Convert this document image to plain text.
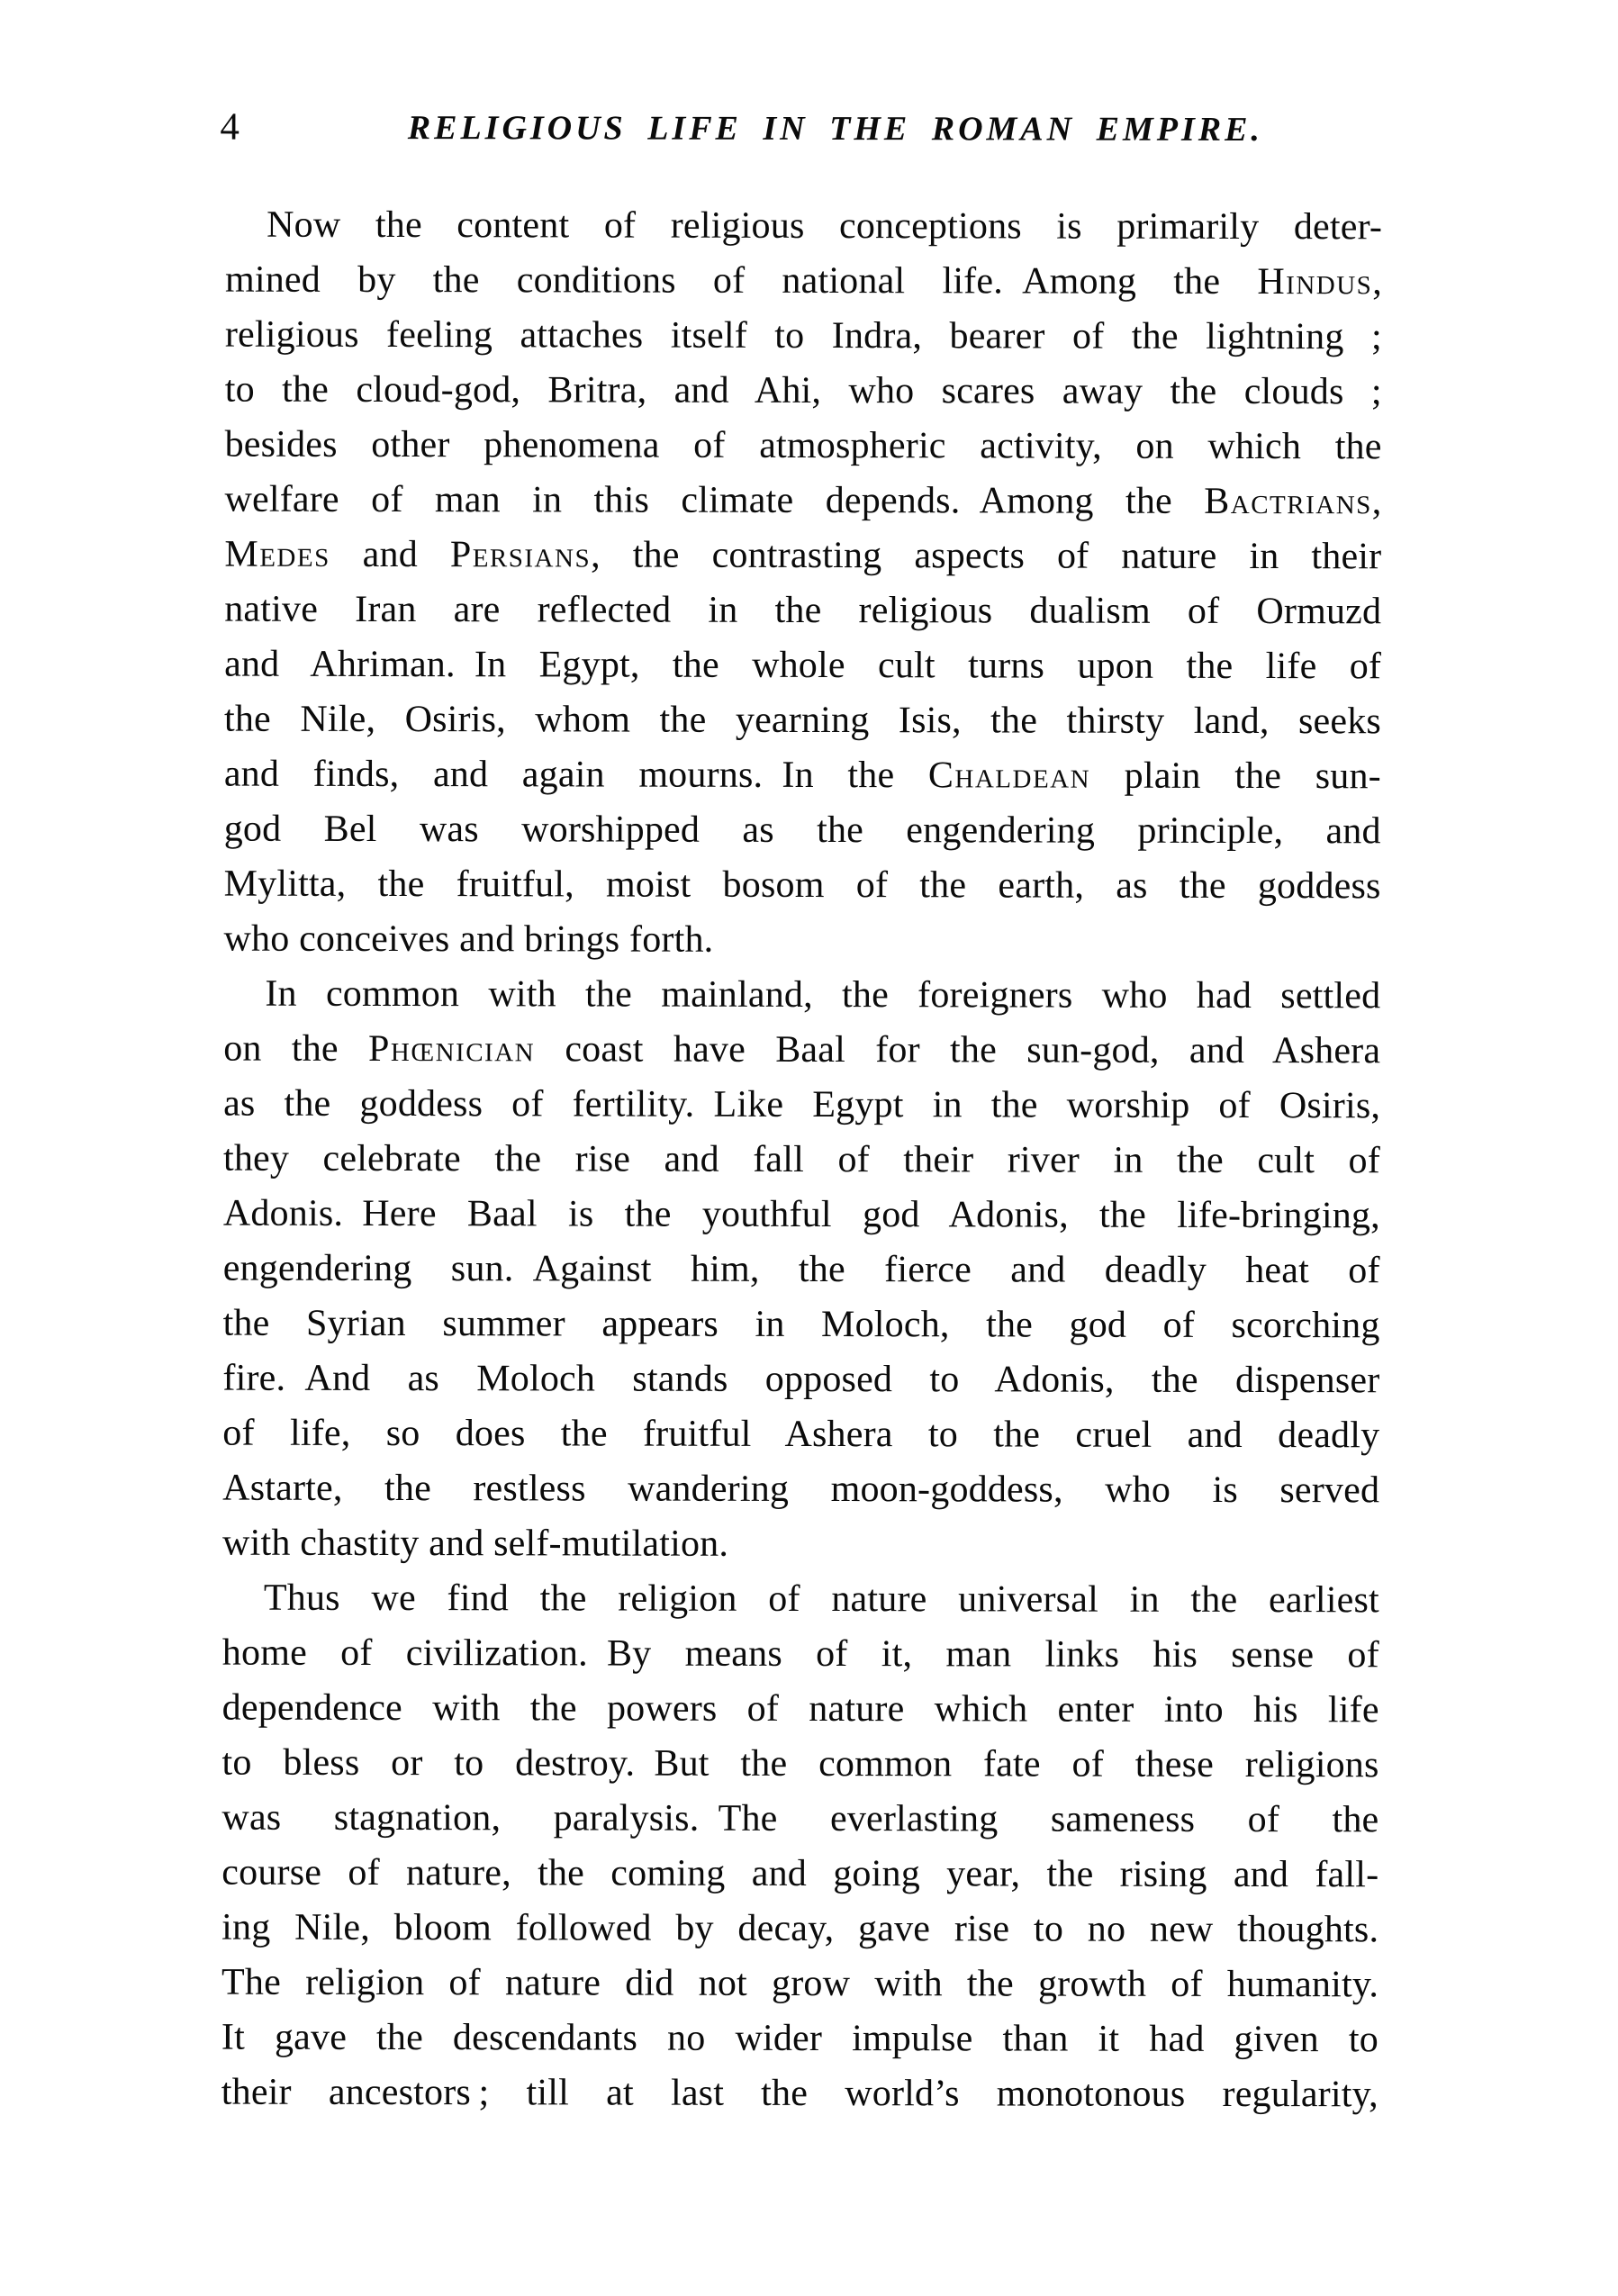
4	RELIGIOUS LIFE IN THE ROMAN EMPIRE.
Now the content of religious conceptions is primarily deter-
mined by the conditions of national life. Among the Hindus,
religious feeling attaches itself to Indra, bearer of the lightning ;
to the cloud-god, Britra, and Ahi, who scares away the clouds ;
besides other phenomena of atmospheric activity, on which the
welfare of man in this climate depends. Among the Bactrians,
Medes and Persians, the contrasting aspects of nature in their
native Iran are reflected in the religious dualism of Ormuzd
and Ahriman. In Egypt, the whole cult turns upon the life of
the Nile, Osiris, whom the yearning Isis, the thirsty land, seeks
and finds, and again mourns. In the Chaldean plain the sun-
god Bel was worshipped as the engendering principle, and
Mylitta, the fruitful, moist bosom of the earth, as the goddess
who conceives and brings forth.
In common with the mainland, the foreigners who had settled
on the Phœnician coast have Baal for the sun-god, and Ashera
as the goddess of fertility. Like Egypt in the worship of Osiris,
they celebrate the rise and fall of their river in the cult of
Adonis. Here Baal is the youthful god Adonis, the life-bringing,
engendering sun. Against him, the fierce and deadly heat of
the Syrian summer appears in Moloch, the god of scorching
fire. And as Moloch stands opposed to Adonis, the dispenser
of life, so does the fruitful Ashera to the cruel and deadly
Astarte, the restless wandering moon-goddess, who is served
with chastity and self-mutilation.
Thus we find the religion of nature universal in the earliest
home of civilization. By means of it, man links his sense of
dependence with the powers of nature which enter into his life
to bless or to destroy. But the common fate of these religions
was stagnation, paralysis. The everlasting sameness of the
course of nature, the coming and going year, the rising and fall-
ing Nile, bloom followed by decay, gave rise to no new thoughts.
The religion of nature did not grow with the growth of humanity.
It gave the descendants no wider impulse than it had given to
their ancestors ; till at last the world’s monotonous regularity,
